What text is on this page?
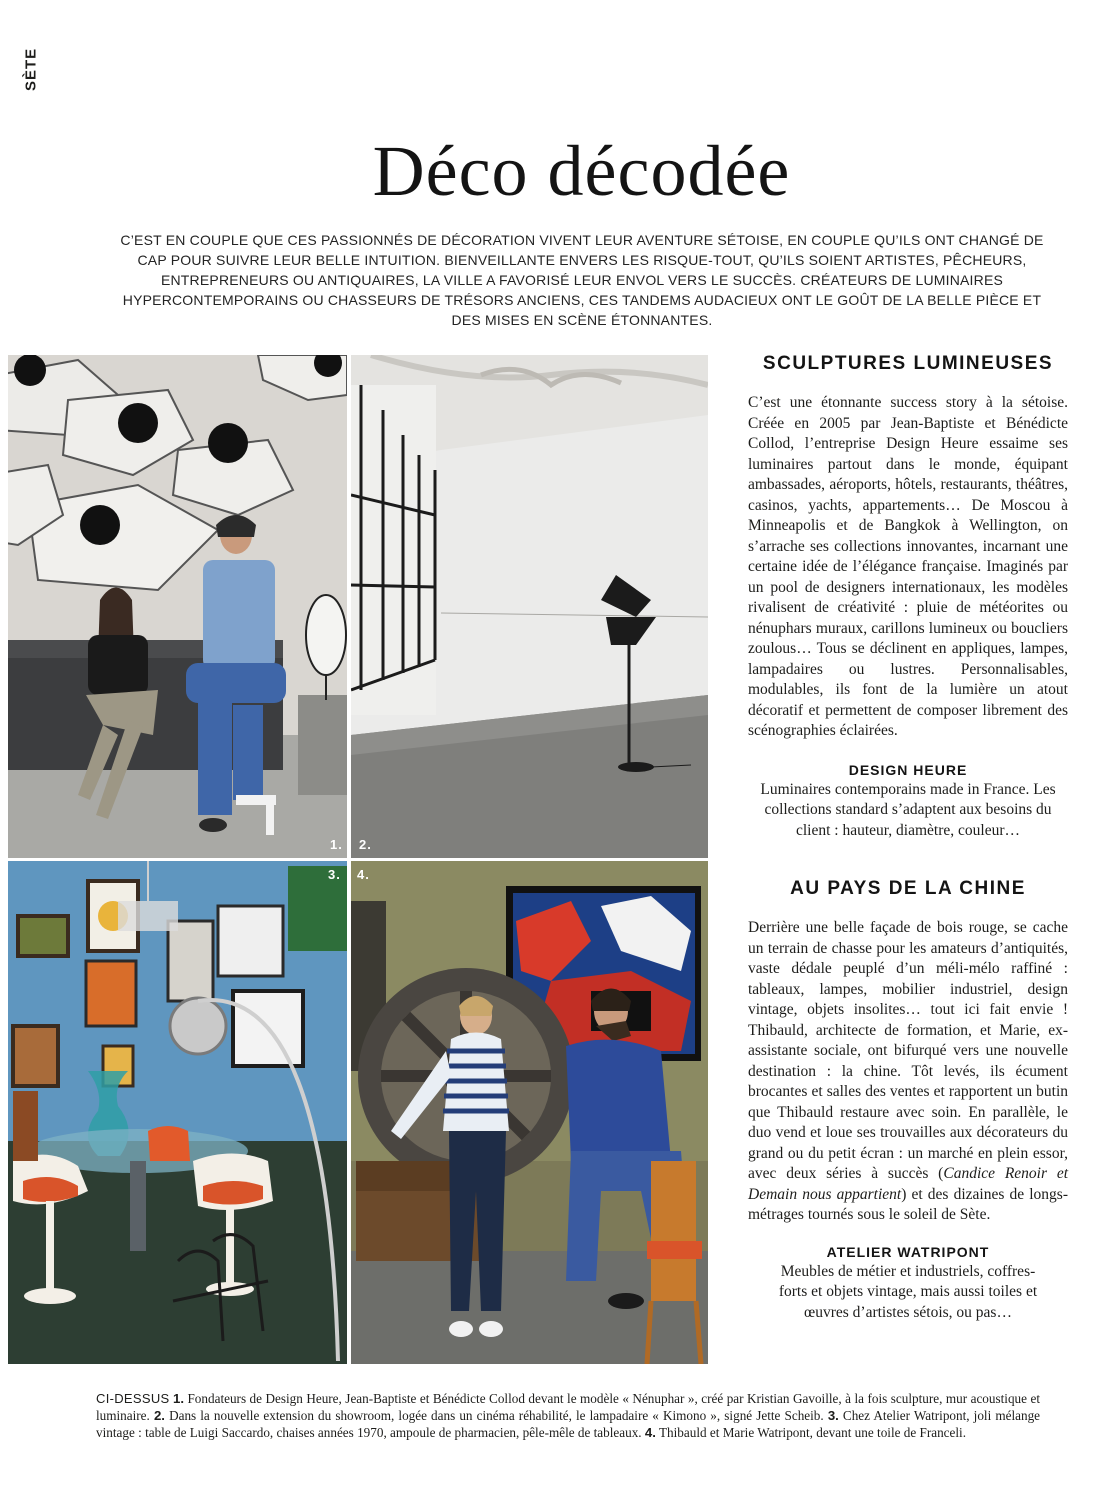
SÈTE
Déco décodée

C’EST EN COUPLE QUE CES PASSIONNÉS DE DÉCORATION VIVENT LEUR AVENTURE SÉTOISE, EN COUPLE QU’ILS ONT CHANGÉ DE CAP POUR SUIVRE LEUR BELLE INTUITION. BIENVEILLANTE ENVERS LES RISQUE-TOUT, QU’ILS SOIENT ARTISTES, PÊCHEURS, ENTREPRENEURS OU ANTIQUAIRES, LA VILLE A FAVORISÉ LEUR ENVOL VERS LE SUCCÈS. CRÉATEURS DE LUMINAIRES HYPERCONTEMPORAINS OU CHASSEURS DE TRÉSORS ANCIENS, CES TANDEMS AUDACIEUX ONT LE GOÛT DE LA BELLE PIÈCE ET DES MISES EN SCÈNE ÉTONNANTES.

1. 2.
3. 4.
SCULPTURES LUMINEUSES

C’est une étonnante success story à la sétoise. Créée en 2005 par Jean-Baptiste et Bénédicte Collod, l’entreprise Design Heure essaime ses luminaires partout dans le monde, équipant ambassades, aéroports, hôtels, restaurants, théâtres, casinos, yachts, appartements… De Moscou à Minneapolis et de Bangkok à Wellington, on s’arrache ses collections innovantes, incarnant une certaine idée de l’élégance française. Imaginés par un pool de designers internationaux, les modèles rivalisent de créativité : pluie de météorites ou nénuphars muraux, carillons lumineux ou boucliers zoulous… Tous se déclinent en appliques, lampes, lampadaires ou lustres. Personnalisables, modulables, ils font de la lumière un atout décoratif et permettent de composer librement des scénographies éclairées.

DESIGN HEURE

Luminaires contemporains made in France. Les collections standard s’adaptent aux besoins du client : hauteur, diamètre, couleur…

AU PAYS DE LA CHINE

Derrière une belle façade de bois rouge, se cache un terrain de chasse pour les amateurs d’antiquités, vaste dédale peuplé d’un méli-mélo raffiné : tableaux, lampes, mobilier industriel, design vintage, objets insolites… tout ici fait envie ! Thibauld, architecte de formation, et Marie, ex-assistante sociale, ont bifurqué vers une nouvelle destination : la chine. Tôt levés, ils écument brocantes et salles des ventes et rapportent un butin que Thibauld restaure avec soin. En parallèle, le duo vend et loue ses trouvailles aux décorateurs du grand ou du petit écran : un marché en plein essor, avec deux séries à succès (Candice Renoir et Demain nous appartient) et des dizaines de longs-métrages tournés sous le soleil de Sète.

ATELIER WATRIPONT

Meubles de métier et industriels, coffres-forts et objets vintage, mais aussi toiles et œuvres d’artistes sétois, ou pas…

CI-DESSUS 1. Fondateurs de Design Heure, Jean-Baptiste et Bénédicte Collod devant le modèle « Nénuphar », créé par Kristian Gavoille, à la fois sculpture, mur acoustique et luminaire. 2. Dans la nouvelle extension du showroom, logée dans un cinéma réhabilité, le lampadaire « Kimono », signé Jette Scheib. 3. Chez Atelier Watripont, joli mélange vintage : table de Luigi Saccardo, chaises années 1970, ampoule de pharmacien, pêle-mêle de tableaux. 4. Thibauld et Marie Watripont, devant une toile de Franceli.
